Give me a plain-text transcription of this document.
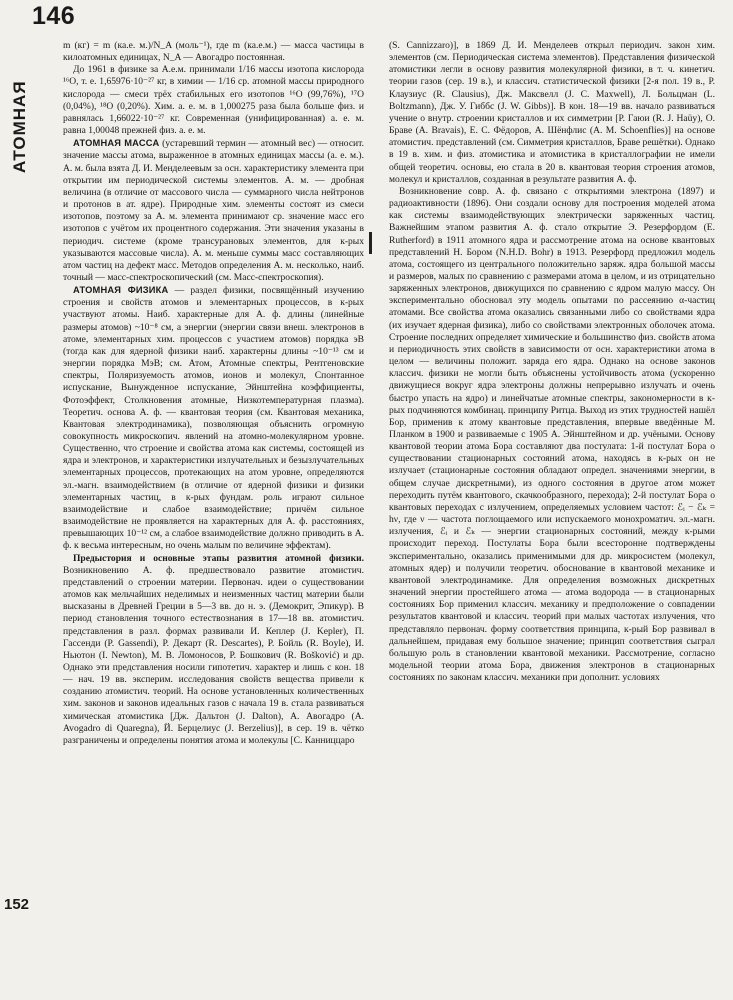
146
АТОМНАЯ
152

m (кг) = m (ка.е. м.)/N_A (моль⁻¹), где m (ка.е.м.) — масса частицы в килоатомных единицах, N_A — Авогадро постоянная.

До 1961 в физике за А.е.м. принимали 1/16 массы изотопа кислорода ¹⁶O, т. е. 1,65976·10⁻²⁷ кг, в химии — 1/16 ср. атомной массы природного кислорода — смеси трёх стабильных его изотопов ¹⁶O (99,76%), ¹⁷O (0,04%), ¹⁸O (0,20%). Хим. а. е. м. в 1,000275 раза была больше физ. и равнялась 1,66022·10⁻²⁷ кг. Современная (унифицированная) а. е. м. равна 1,00048 прежней физ. а. е. м.

АТОМНАЯ МАССА (устаревший термин — атомный вес) — относит. значение массы атома, выраженное в атомных единицах массы (а. е. м.). А. м. была взята Д. И. Менделеевым за осн. характеристику элемента при открытии им периодической системы элементов. А. м. — дробная величина (в отличие от массового числа — суммарного числа нейтронов и протонов в ат. ядре). Природные хим. элементы состоят из смеси изотопов, поэтому за А. м. элемента принимают ср. значение масс его изотопов с учётом их процентного содержания. Эти значения указаны в периодич. системе (кроме трансурановых элементов, для к-рых указываются массовые числа). А. м. меньше суммы масс составляющих атом частиц на дефект масс. Методов определения А. м. несколько, наиб. точный — масс-спектроскопический (см. Масс-спектроскопия).

АТОМНАЯ ФИЗИКА — раздел физики, посвящённый изучению строения и свойств атомов и элементарных процессов, в к-рых участвуют атомы. Наиб. характерные для А. ф. длины (линейные размеры атомов) ~10⁻⁸ см, а энергии (энергии связи внеш. электронов в атоме, элементарных хим. процессов с участием атомов) порядка эВ (тогда как для ядерной физики наиб. характерны длины ~10⁻¹³ см и энергии порядка МэВ; см. Атом, Атомные спектры, Рентгеновские спектры, Поляризуемость атомов, ионов и молекул, Спонтанное испускание, Вынужденное испускание, Эйнштейна коэффициенты, Фотоэффект, Столкновения атомные, Низкотемпературная плазма). Теоретич. основа А. ф. — квантовая теория (см. Квантовая механика, Квантовая электродинамика), позволяющая объяснить огромную совокупность микроскопич. явлений на атомно-молекулярном уровне. Существенно, что строение и свойства атома как системы, состоящей из ядра и электронов, и характеристики излучательных и безызлучательных элементарных процессов, протекающих на атом уровне, определяются эл.-магн. взаимодействием (в отличие от ядерной физики и физики элементарных частиц, в к-рых фундам. роль играют сильное взаимодействие и слабое взаимодействие; причём сильное взаимодействие не проявляется на характерных для А. ф. расстояниях, превышающих 10⁻¹² см, а слабое взаимодействие должно приводить в А. ф. к весьма интересным, но очень малым по величине эффектам).

Предыстория и основные этапы развития атомной физики. Возникновению А. ф. предшествовало развитие атомистич. представлений о строении материи. Первонач. идеи о существовании атомов как мельчайших неделимых и неизменных частиц материи были высказаны в Древней Греции в 5—3 вв. до н. э. (Демокрит, Эпикур). В период становления точного естествознания в 17—18 вв. атомистич. представления в разл. формах развивали И. Кеплер (J. Kepler), П. Гассенди (P. Gassendi), Р. Декарт (R. Descartes), Р. Бойль (R. Boyle), И. Ньютон (I. Newton), М. В. Ломоносов, Р. Бошкович (R. Bošković) и др. Однако эти представления носили гипотетич. характер и лишь с кон. 18 — нач. 19 вв. эксперим. исследования свойств вещества привели к созданию атомистич. теорий. На основе установленных количественных хим. законов и законов идеальных газов с начала 19 в. стала развиваться химическая атомистика [Дж. Дальтон (J. Dalton), А. Авогадро (A. Avogadro di Quaregna), Й. Берцелиус (J. Berzelius)], в сер. 19 в. чётко разграничены и определены понятия атома и молекулы [С. Канниццаро

(S. Cannizzaro)], в 1869 Д. И. Менделеев открыл периодич. закон хим. элементов (см. Периодическая система элементов). Представления физической атомистики легли в основу развития молекулярной физики, в т. ч. кинетич. теории газов (сер. 19 в.), и классич. статистической физики [2-я пол. 19 в., Р. Клаузиус (R. Clausius), Дж. Максвелл (J. C. Maxwell), Л. Больцман (L. Boltzmann), Дж. У. Гиббс (J. W. Gibbs)]. В кон. 18—19 вв. начало развиваться учение о внутр. строении кристаллов и их симметрии [Р. Гаюи (R. J. Haüy), О. Браве (A. Bravais), Е. С. Фёдоров, А. Шёнфлис (A. M. Schoenflies)] на основе атомистич. представлений (см. Симметрия кристаллов, Браве решётки). Однако в 19 в. хим. и физ. атомистика и атомистика в кристаллографии не имели общей теоретич. основы, ею стала в 20 в. квантовая теория строения атомов, молекул и кристаллов, созданная в результате развития А. ф.

Возникновение совр. А. ф. связано с открытиями электрона (1897) и радиоактивности (1896). Они создали основу для построения моделей атома как системы взаимодействующих электрически заряженных частиц. Важнейшим этапом развития А. ф. стало открытие Э. Резерфордом (E. Rutherford) в 1911 атомного ядра и рассмотрение атома на основе квантовых представлений Н. Бором (N.H.D. Bohr) в 1913. Резерфорд предложил модель атома, состоящего из центрального положительно заряж. ядра большой массы и размеров, малых по сравнению с размерами атома в целом, и из отрицательно заряженных электронов, движущихся по сравнению с ядром малую массу. Он экспериментально обосновал эту модель опытами по рассеянию α-частиц атомами. Все свойства атома оказались связанными либо со свойствами ядра (их изучает ядерная физика), либо со свойствами электронных оболочек атома. Строение последних определяет химические и большинство физ. свойств атома и периодичность этих свойств в зависимости от осн. характеристики атома в целом — величины положит. заряда его ядра. Однако на основе законов классич. физики не могли быть объяснены устойчивость атома (ускоренно движущиеся вокруг ядра электроны должны непрерывно излучать и очень быстро упасть на ядро) и линейчатые атомные спектры, закономерности в к-рых подчиняются комбинац. принципу Ритца. Выход из этих трудностей нашёл Бор, применив к атому квантовые представления, впервые введённые М. Планком в 1900 и развиваемые с 1905 А. Эйнштейном и др. учёными. Основу квантовой теории атома Бора составляют два постулата: 1-й постулат Бора о существовании стационарных состояний атома, находясь в к-рых он не излучает (стационарные состояния обладают определ. значениями энергии, в общем случае дискретными), из одного состояния в другое атом может переходить путём квантового, скачкообразного, перехода); 2-й постулат Бора о квантовых переходах с излучением, определяемых условием частот: ℰᵢ − ℰₖ = hν, где ν — частота поглощаемого или испускаемого монохроматич. эл.-магн. излучения, ℰᵢ и ℰₖ — энергии стационарных состояний, между к-рыми происходит переход. Постулаты Бора были всесторонне подтверждены экспериментально, оказались применимыми для др. микросистем (молекул, атомных ядер) и получили теоретич. обоснование в квантовой механике и квантовой электродинамике. Для определения возможных дискретных значений энергии простейшего атома — атома водорода — в стационарных состояниях Бор применил классич. механику и предположение о совпадении результатов квантовой и классич. теорий при малых частотах излучения, что представляло первонач. форму соответствия принципа, к-рый Бор развивал в дальнейшем, придавая ему большое значение; принцип соответствия сыграл большую роль в становлении квантовой механики. Рассмотрение, согласно модельной теории атома Бора, движения электронов в стационарных состояниях по законам классич. механики при дополнит. условиях
